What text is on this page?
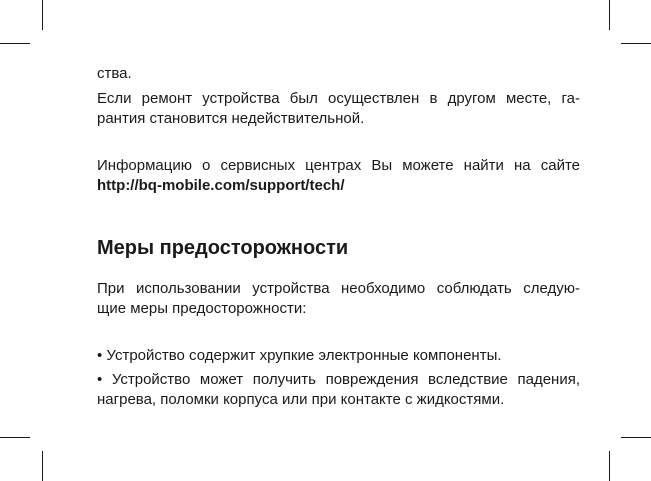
ства.

Если ремонт устройства был осуществлен в другом месте, га-
рантия становится недействительной.

Информацию о сервисных центрах Вы можете найти на сайте
http://bq-mobile.com/support/tech/

Меры предосторожности

При использовании устройства необходимо соблюдать следую-
щие меры предосторожности:

• Устройство содержит хрупкие электронные компоненты.

• Устройство может получить повреждения вследствие падения,
нагрева, поломки корпуса или при контакте с жидкостями.
